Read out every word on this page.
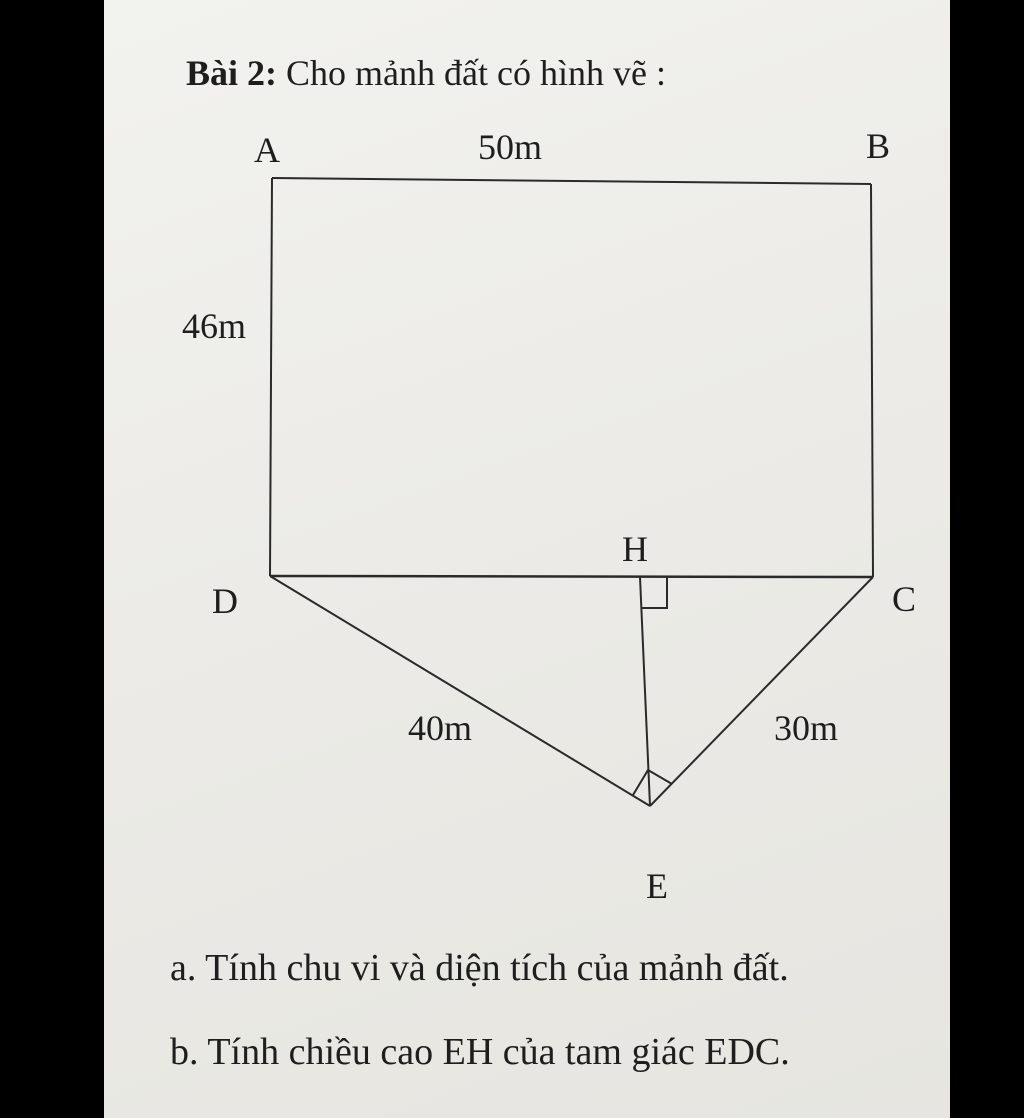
Bài 2: Cho mảnh đất có hình vẽ :
A	B
C
D
E
H
50m
46m
40m	30m
a. Tính chu vi và diện tích của mảnh đất.
b. Tính chiều cao EH của tam giác EDC.
